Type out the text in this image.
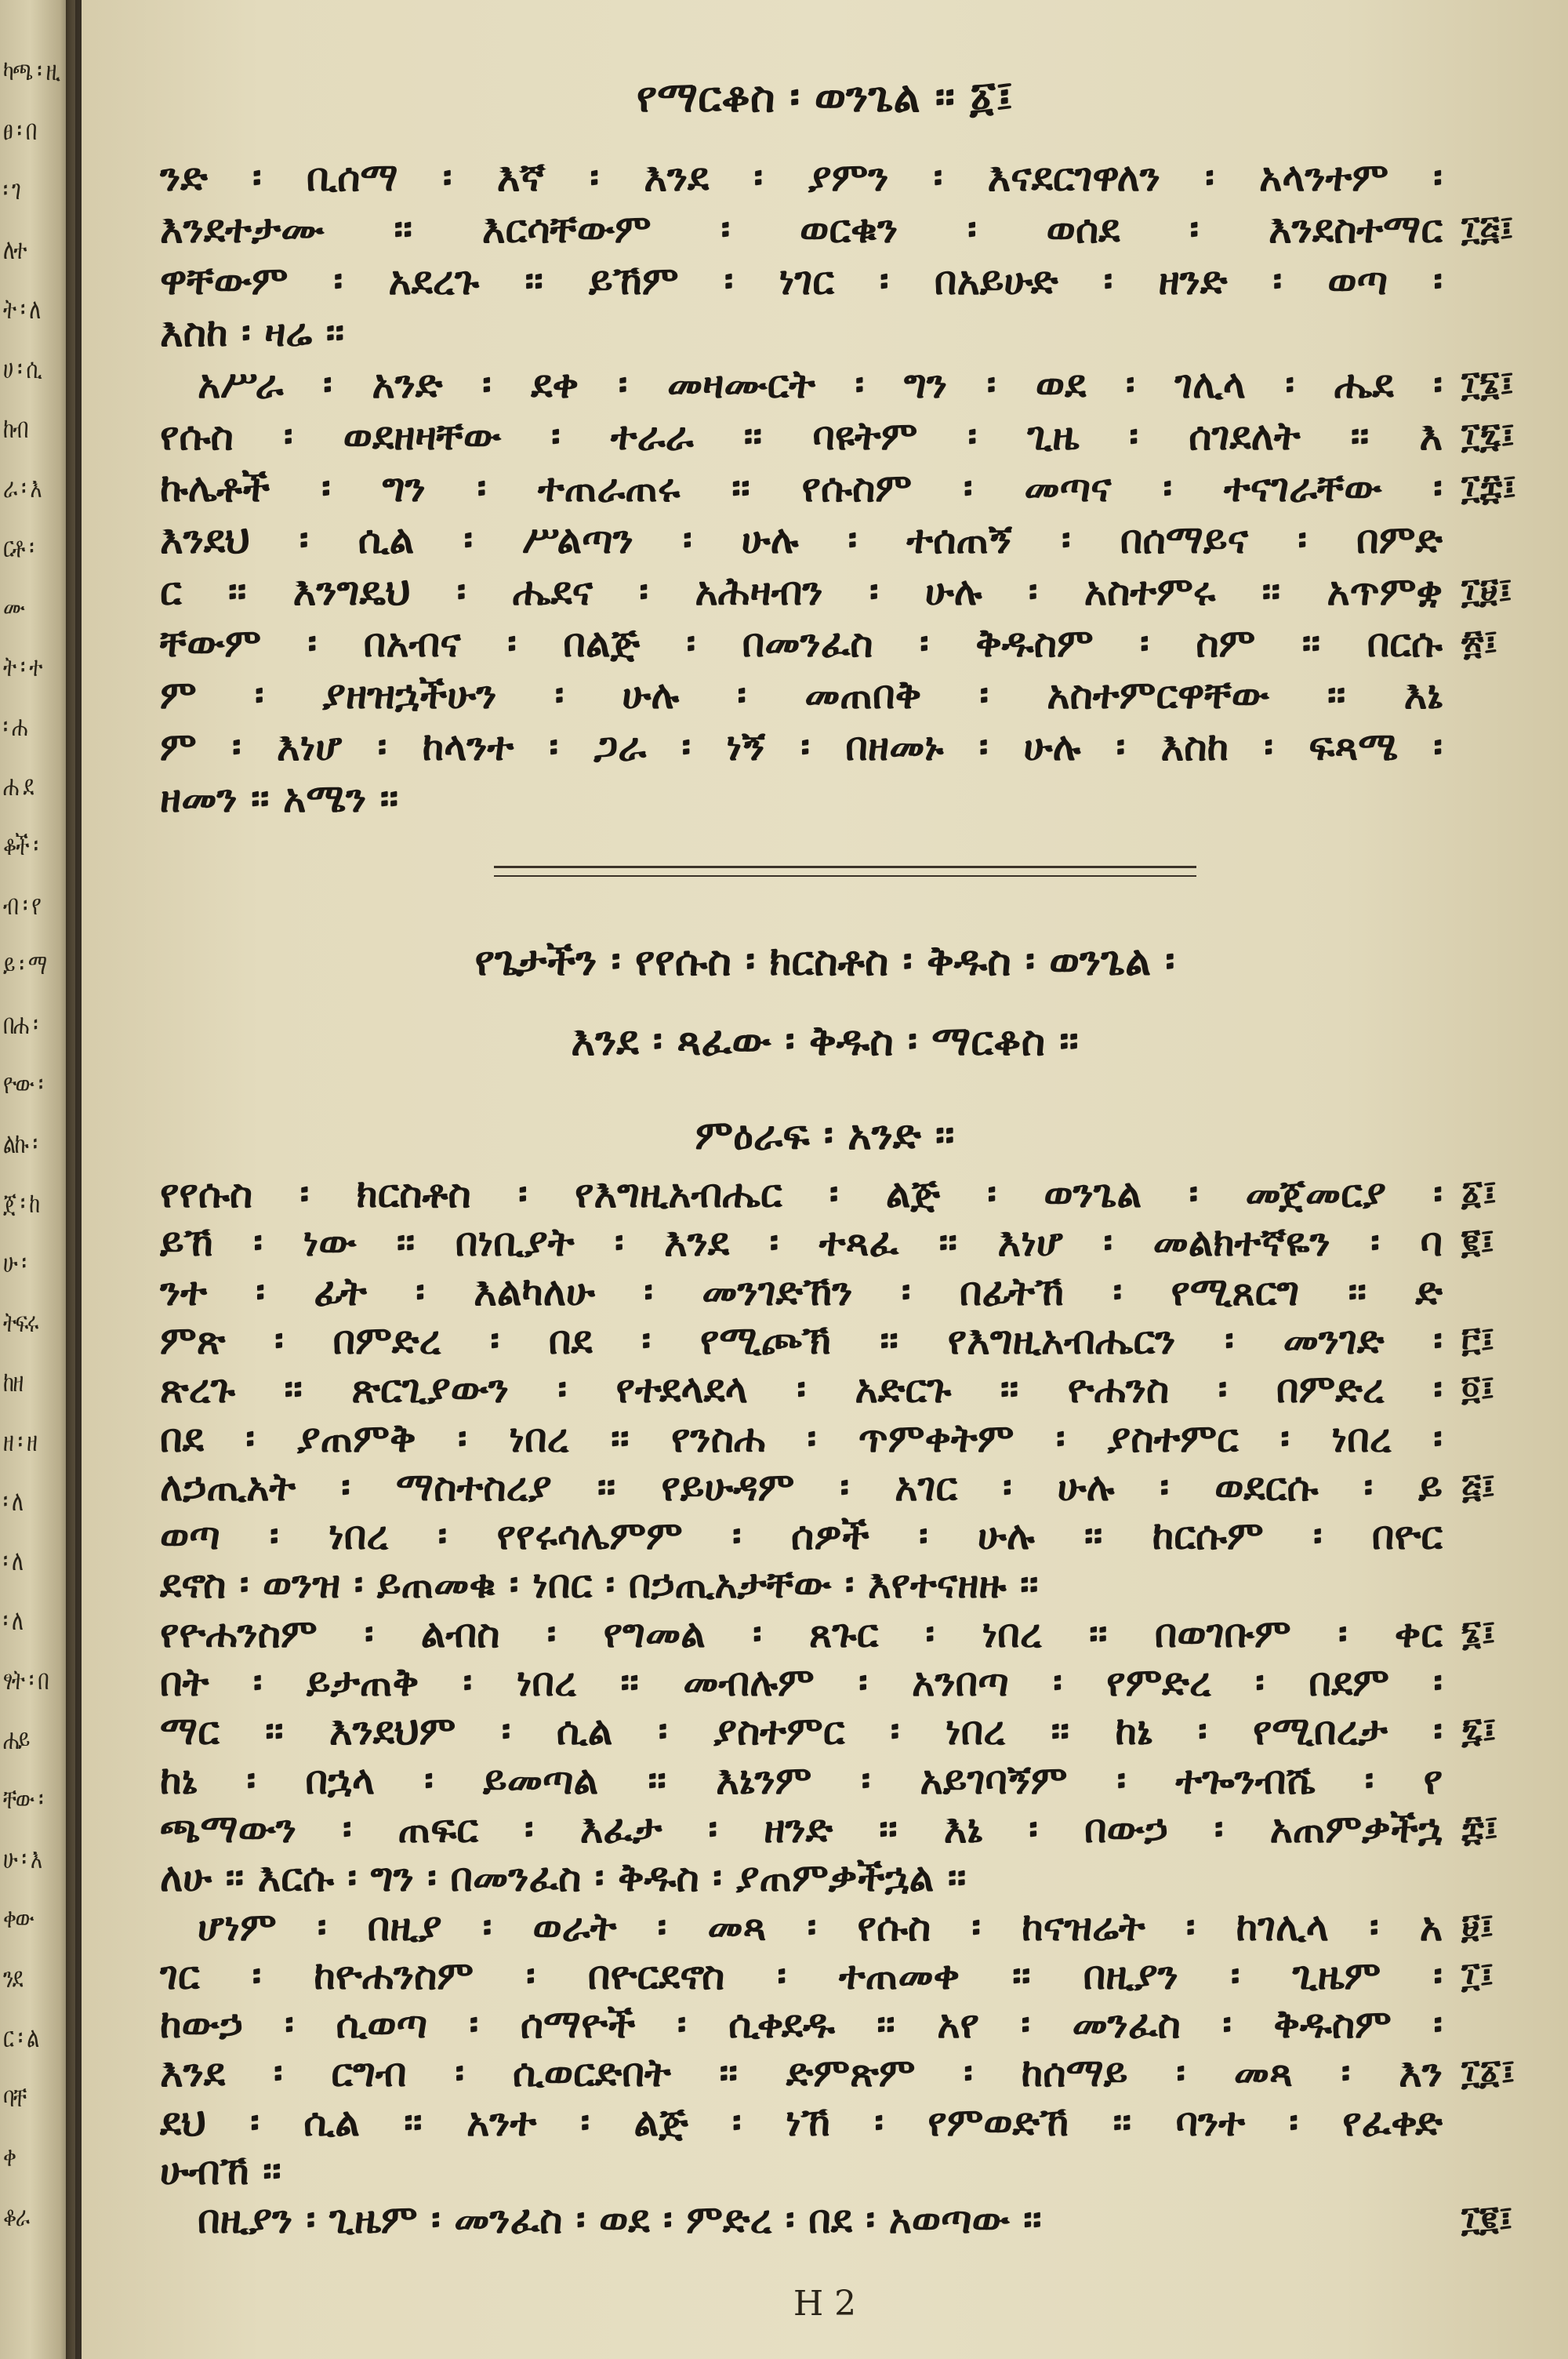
ካጫ ፡ ዚ
ፀ ፡ በ
፡ ገ
ለተ
ት ፡ ለ
ሀ ፡ ሲ
ከብ
ራ ፡ እ
ርቶ ፡
ሙ
ት ፡ ተ
፡ ሐ
ሐ ደ
ቆች ፡
ብ ፡ የ
ይ ፡ ማ
በሐ ፡
ዮው ፡
ልኩ ፡
ጀ ፡ ከ
ሁ ፡
ትፍሩ
ከዘ
ዘ ፡ ዘ
፡ ለ
፡ ለ
፡ ለ
ፃት ፡ በ
ሐይ
ቸው ፡
ሁ ፡ እ
ቀው
ንደ
ር ፡ ል
ባቸ
ቀ
ቆራ
የማርቆስ ፡ ወንጌል ፡፡ ፩፤
ንድ ፡ ቢሰማ ፡ እኛ ፡ እንደ ፡ ያምን ፡ እናደርገዋለን ፡ አላንተም ፡
እንደተታሙ ፡፡ እርሳቸውም ፡ ወርቁን ፡ ወሰደ ፡ እንደስተማር ፲፭፤
ዋቸውም ፡ አደረጉ ፡፡ ይኸም ፡ ነገር ፡ በአይሁድ ፡ ዘንድ ፡ ወጣ ፡
እስከ ፡ ዛሬ ፡፡
አሥራ ፡ አንድ ፡ ደቀ ፡ መዛሙርት ፡ ግን ፡ ወደ ፡ ገሊላ ፡ ሔደ ፡ ፲፮፤
የሱስ ፡ ወደዘዛቸው ፡ ተራራ ፡፡ ባዩትም ፡ ጊዜ ፡ ሰገደለት ፡፡ እ ፲፯፤
ኩሌቶች ፡ ግን ፡ ተጠራጠሩ ፡፡ የሱስም ፡ መጣና ፡ ተናገራቸው ፡ ፲፰፤
እንደህ ፡ ሲል ፡ ሥልጣን ፡ ሁሉ ፡ ተሰጠኝ ፡ በሰማይና ፡ በምድ
ር ፡፡ እንግዴህ ፡ ሔደና ፡ አሕዛብን ፡ ሁሉ ፡ አስተምሩ ፡፡ አጥምቋ ፲፱፤
ቸውም ፡ በአብና ፡ በልጅ ፡ በመንፈስ ፡ ቅዱስም ፡ ስም ፡፡ በርሱ ፳፤
ም ፡ ያዘዝኋችሁን ፡ ሁሉ ፡ መጠበቅ ፡ አስተምርዋቸው ፡፡ እኔ
ም ፡ እነሆ ፡ ከላንተ ፡ ጋራ ፡ ነኝ ፡ በዘመኑ ፡ ሁሉ ፡ እስከ ፡ ፍጻሜ ፡
ዘመን ፡፡ አሜን ፡፡
የጌታችን ፡ የየሱስ ፡ ክርስቶስ ፡ ቅዱስ ፡ ወንጌል ፡
እንደ ፡ ጻፈው ፡ ቅዱስ ፡ ማርቆስ ፡፡
ምዕራፍ ፡ አንድ ፡፡
የየሱስ ፡ ክርስቶስ ፡ የእግዚአብሔር ፡ ልጅ ፡ ወንጌል ፡ መጀመርያ ፡ ፩፤
ይኸ ፡ ነው ፡፡ በነቢያት ፡ እንደ ፡ ተጻፈ ፡፡ እነሆ ፡ መልክተኛዬን ፡ ባ ፪፤
ንተ ፡ ፊት ፡ እልካለሁ ፡ መንገድኸን ፡ በፊትኸ ፡ የሚጸርግ ፡፡ ድ
ምጽ ፡ በምድረ ፡ በደ ፡ የሚጮኽ ፡፡ የእግዚአብሔርን ፡ መንገድ ፡ ፫፤
ጽረጉ ፡፡ ጽርጊያውን ፡ የተደላደላ ፡ አድርጉ ፡፡ ዮሐንስ ፡ በምድረ ፡ ፬፤
በደ ፡ ያጠምቅ ፡ ነበረ ፡፡ የንስሐ ፡ ጥምቀትም ፡ ያስተምር ፡ ነበረ ፡
ለኃጢአት ፡ ማስተስረያ ፡፡ የይሁዳም ፡ አገር ፡ ሁሉ ፡ ወደርሱ ፡ ይ ፭፤
ወጣ ፡ ነበረ ፡ የየሩሳሌምም ፡ ሰዎች ፡ ሁሉ ፡፡ ከርሱም ፡ በዮር
ደኖስ ፡ ወንዝ ፡ ይጠመቁ ፡ ነበር ፡ በኃጢአታቸው ፡ እየተናዘዙ ፡፡
የዮሐንስም ፡ ልብስ ፡ የግመል ፡ ጸጉር ፡ ነበረ ፡፡ በወገቡም ፡ ቀር ፮፤
በት ፡ ይታጠቅ ፡ ነበረ ፡፡ መብሉም ፡ አንበጣ ፡ የምድረ ፡ በደም ፡
ማር ፡፡ እንደህም ፡ ሲል ፡ ያስተምር ፡ ነበረ ፡፡ ከኔ ፡ የሚበረታ ፡ ፯፤
ከኔ ፡ በኋላ ፡ ይመጣል ፡፡ እኔንም ፡ አይገባኝም ፡ ተጐንብሼ ፡ የ
ጫማውን ፡ ጠፍር ፡ እፈታ ፡ ዘንድ ፡፡ እኔ ፡ በውኃ ፡ አጠምቃችኋ ፰፤
ለሁ ፡፡ እርሱ ፡ ግን ፡ በመንፈስ ፡ ቅዱስ ፡ ያጠምቃችኋል ፡፡
ሆነም ፡ በዚያ ፡ ወራት ፡ መጻ ፡ የሱስ ፡ ከናዝሬት ፡ ከገሊላ ፡ አ ፱፤
ገር ፡ ከዮሐንስም ፡ በዮርደኖስ ፡ ተጠመቀ ፡፡ በዚያን ፡ ጊዜም ፡ ፲፤
ከውኃ ፡ ሲወጣ ፡ ሰማዮች ፡ ሲቀደዱ ፡፡ አየ ፡ መንፈስ ፡ ቅዱስም ፡
እንደ ፡ ርግብ ፡ ሲወርድበት ፡፡ ድምጽም ፡ ከሰማይ ፡ መጻ ፡ እን ፲፩፤
ደህ ፡ ሲል ፡፡ አንተ ፡ ልጅ ፡ ነኸ ፡ የምወድኸ ፡፡ ባንተ ፡ የፈቀድ
ሁብኸ ፡፡
በዚያን ፡ ጊዜም ፡ መንፈስ ፡ ወደ ፡ ምድረ ፡ በደ ፡ አወጣው ፡፡	፲፪፤
H 2
